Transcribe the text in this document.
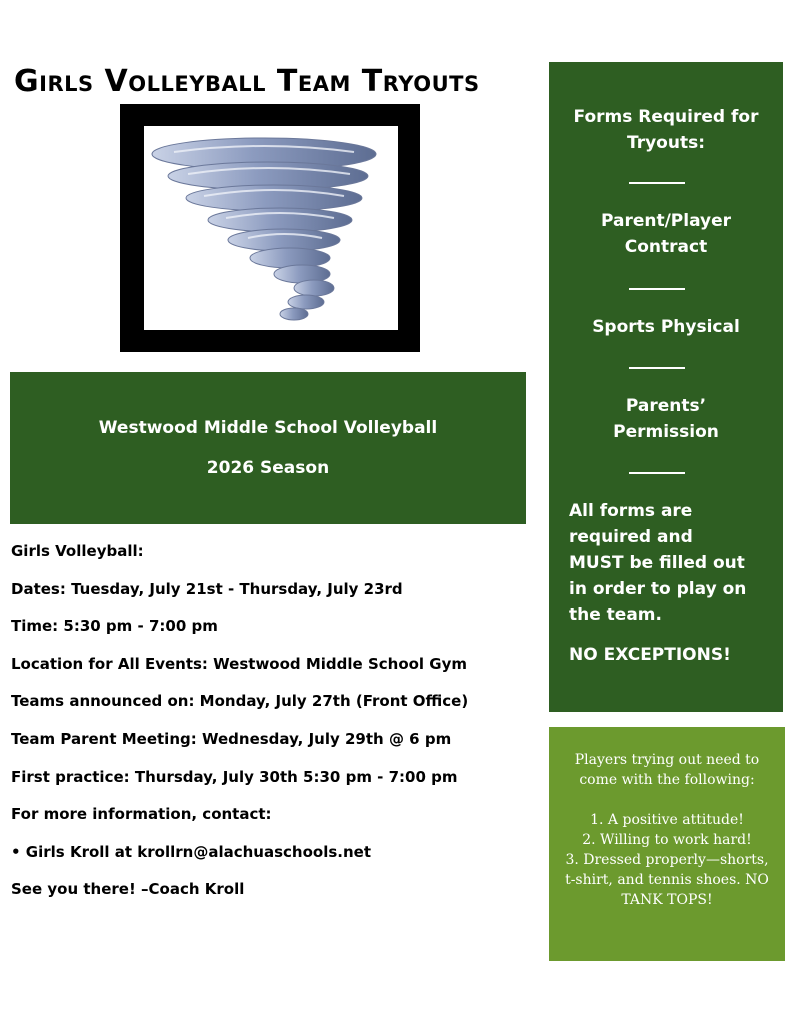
Girls Volleyball Team Tryouts
Westwood Middle School Volleyball
2026 Season
Girls Volleyball:
Dates: Tuesday, July 21st - Thursday, July 23rd
Time: 5:30 pm - 7:00 pm
Location for All Events: Westwood Middle School Gym
Teams announced on: Monday, July 27th (Front Office)
Team Parent Meeting: Wednesday, July 29th @ 6 pm
First practice: Thursday, July 30th 5:30 pm - 7:00 pm
For more information, contact:
• Girls Kroll at krollrn@alachuaschools.net
See you there! –Coach Kroll
Forms Required for
Tryouts:
Parent/Player
Contract
Sports Physical
Parents’
Permission
All forms are
required and
MUST be filled out
in order to play on
the team.
NO EXCEPTIONS!
Players trying out need to
come with the following:
1. A positive attitude!
2. Willing to work hard!
3. Dressed properly—shorts,
t-shirt, and tennis shoes. NO
TANK TOPS!
